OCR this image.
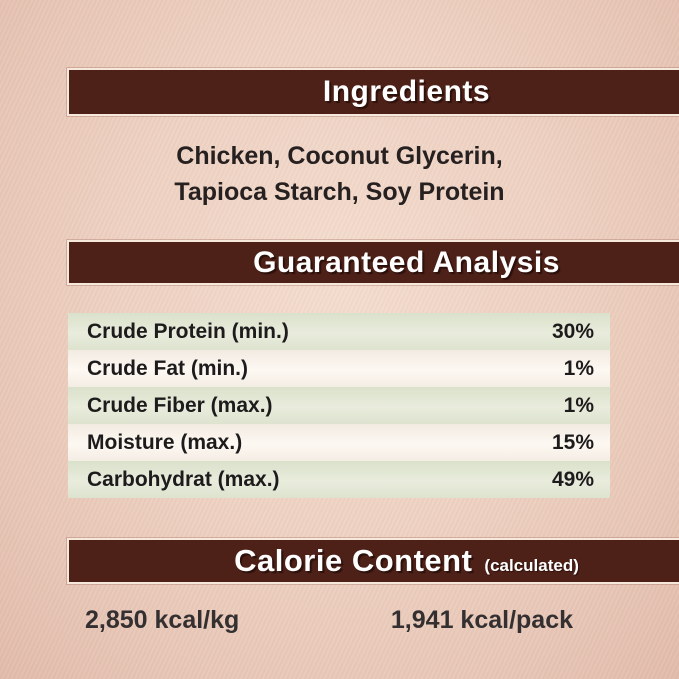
Ingredients
Chicken, Coconut Glycerin,
Tapioca Starch, Soy Protein
Guaranteed Analysis
Crude Protein (min.)	30%
Crude Fat (min.)	1%
Crude Fiber (max.)	1%
Moisture (max.)	15%
Carbohydrat (max.)	49%
Calorie Content (calculated)
2,850 kcal/kg	1,941 kcal/pack
